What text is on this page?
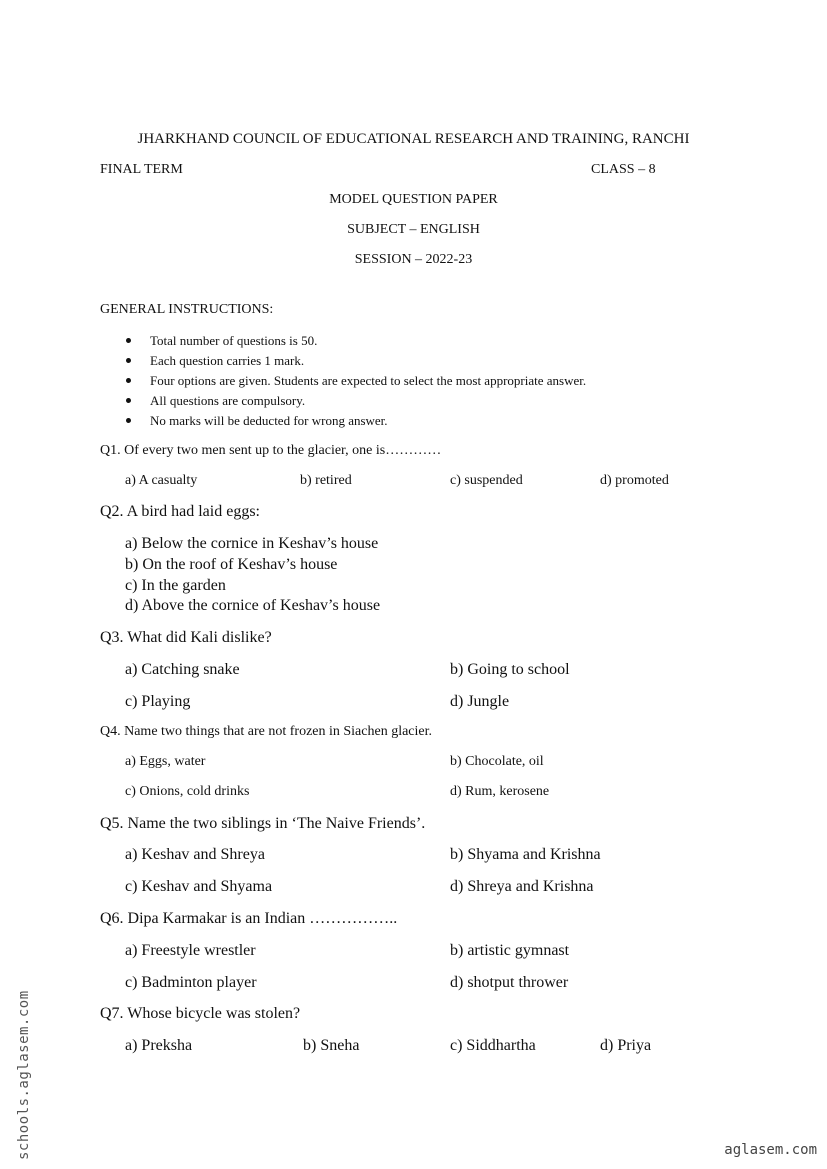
JHARKHAND COUNCIL OF EDUCATIONAL RESEARCH AND TRAINING, RANCHI
FINAL TERM	CLASS – 8
MODEL QUESTION PAPER
SUBJECT – ENGLISH
SESSION – 2022-23
GENERAL INSTRUCTIONS:
Total number of questions is 50.
Each question carries 1 mark.
Four options are given. Students are expected to select the most appropriate answer.
All questions are compulsory.
No marks will be deducted for wrong answer.
Q1. Of every two men sent up to the glacier, one is…………
a) A casualty	b) retired	c) suspended	d) promoted
Q2. A bird had laid eggs:
a) Below the cornice in Keshav’s house
b) On the roof of Keshav’s house
c) In the garden
d) Above the cornice of Keshav’s house
Q3. What did Kali dislike?
a) Catching snake	b) Going to school
c) Playing	d) Jungle
Q4. Name two things that are not frozen in Siachen glacier.
a) Eggs, water	b) Chocolate, oil
c) Onions, cold drinks	d) Rum, kerosene
Q5. Name the two siblings in ‘The Naive Friends’.
a) Keshav and Shreya	b) Shyama and Krishna
c) Keshav and Shyama	d) Shreya and Krishna
Q6. Dipa Karmakar is an Indian ……………..
a) Freestyle wrestler	b) artistic gymnast
c) Badminton player	d) shotput thrower
Q7. Whose bicycle was stolen?
a) Preksha	b) Sneha	c) Siddhartha	d) Priya
schools.aglasem.com	aglasem.com
